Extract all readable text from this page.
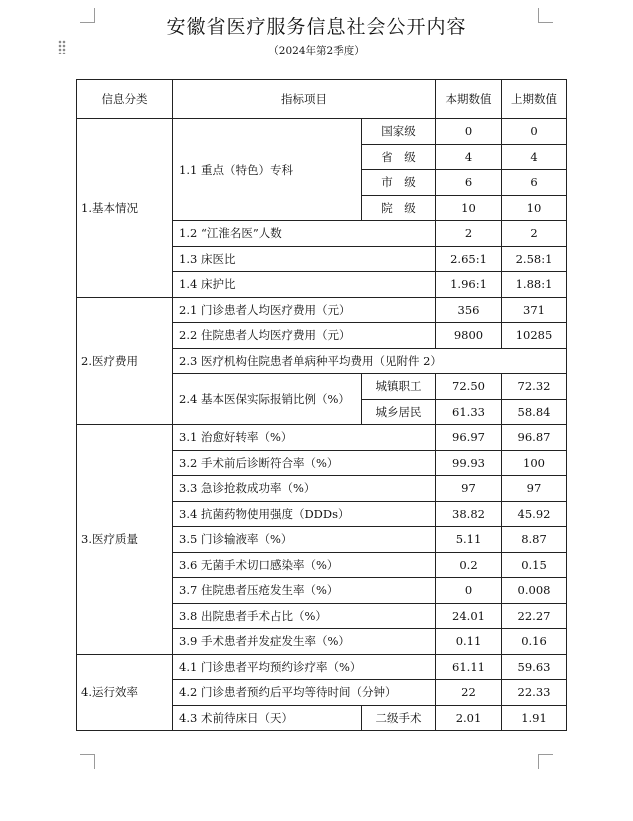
安徽省医疗服务信息社会公开内容
（2024年第2季度）
信息分类	指标项目		本期数值	上期数值
1.基本情况	1.1 重点（特色）专科	国家级	0	0
		省　级	4	4
		市　级	6	6
		院　级	10	10
	1.2 “江淮名医”人数		2	2
	1.3 床医比		2.65:1	2.58:1
	1.4 床护比		1.96:1	1.88:1
2.医疗费用	2.1 门诊患者人均医疗费用（元）		356	371
	2.2 住院患者人均医疗费用（元）		9800	10285
	2.3 医疗机构住院患者单病种平均费用（见附件 2）			
	2.4 基本医保实际报销比例（%）	城镇职工	72.50	72.32
		城乡居民	61.33	58.84
3.医疗质量	3.1 治愈好转率（%）		96.97	96.87
	3.2 手术前后诊断符合率（%）		99.93	100
	3.3 急诊抢救成功率（%）		97	97
	3.4 抗菌药物使用强度（DDDs）		38.82	45.92
	3.5 门诊输液率（%）		5.11	8.87
	3.6 无菌手术切口感染率（%）		0.2	0.15
	3.7 住院患者压疮发生率（%）		0	0.008
	3.8 出院患者手术占比（%）		24.01	22.27
	3.9 手术患者并发症发生率（%）		0.11	0.16
4.运行效率	4.1 门诊患者平均预约诊疗率（%）		61.11	59.63
	4.2 门诊患者预约后平均等待时间（分钟）		22	22.33
	4.3 术前待床日（天）	二级手术	2.01	1.91
